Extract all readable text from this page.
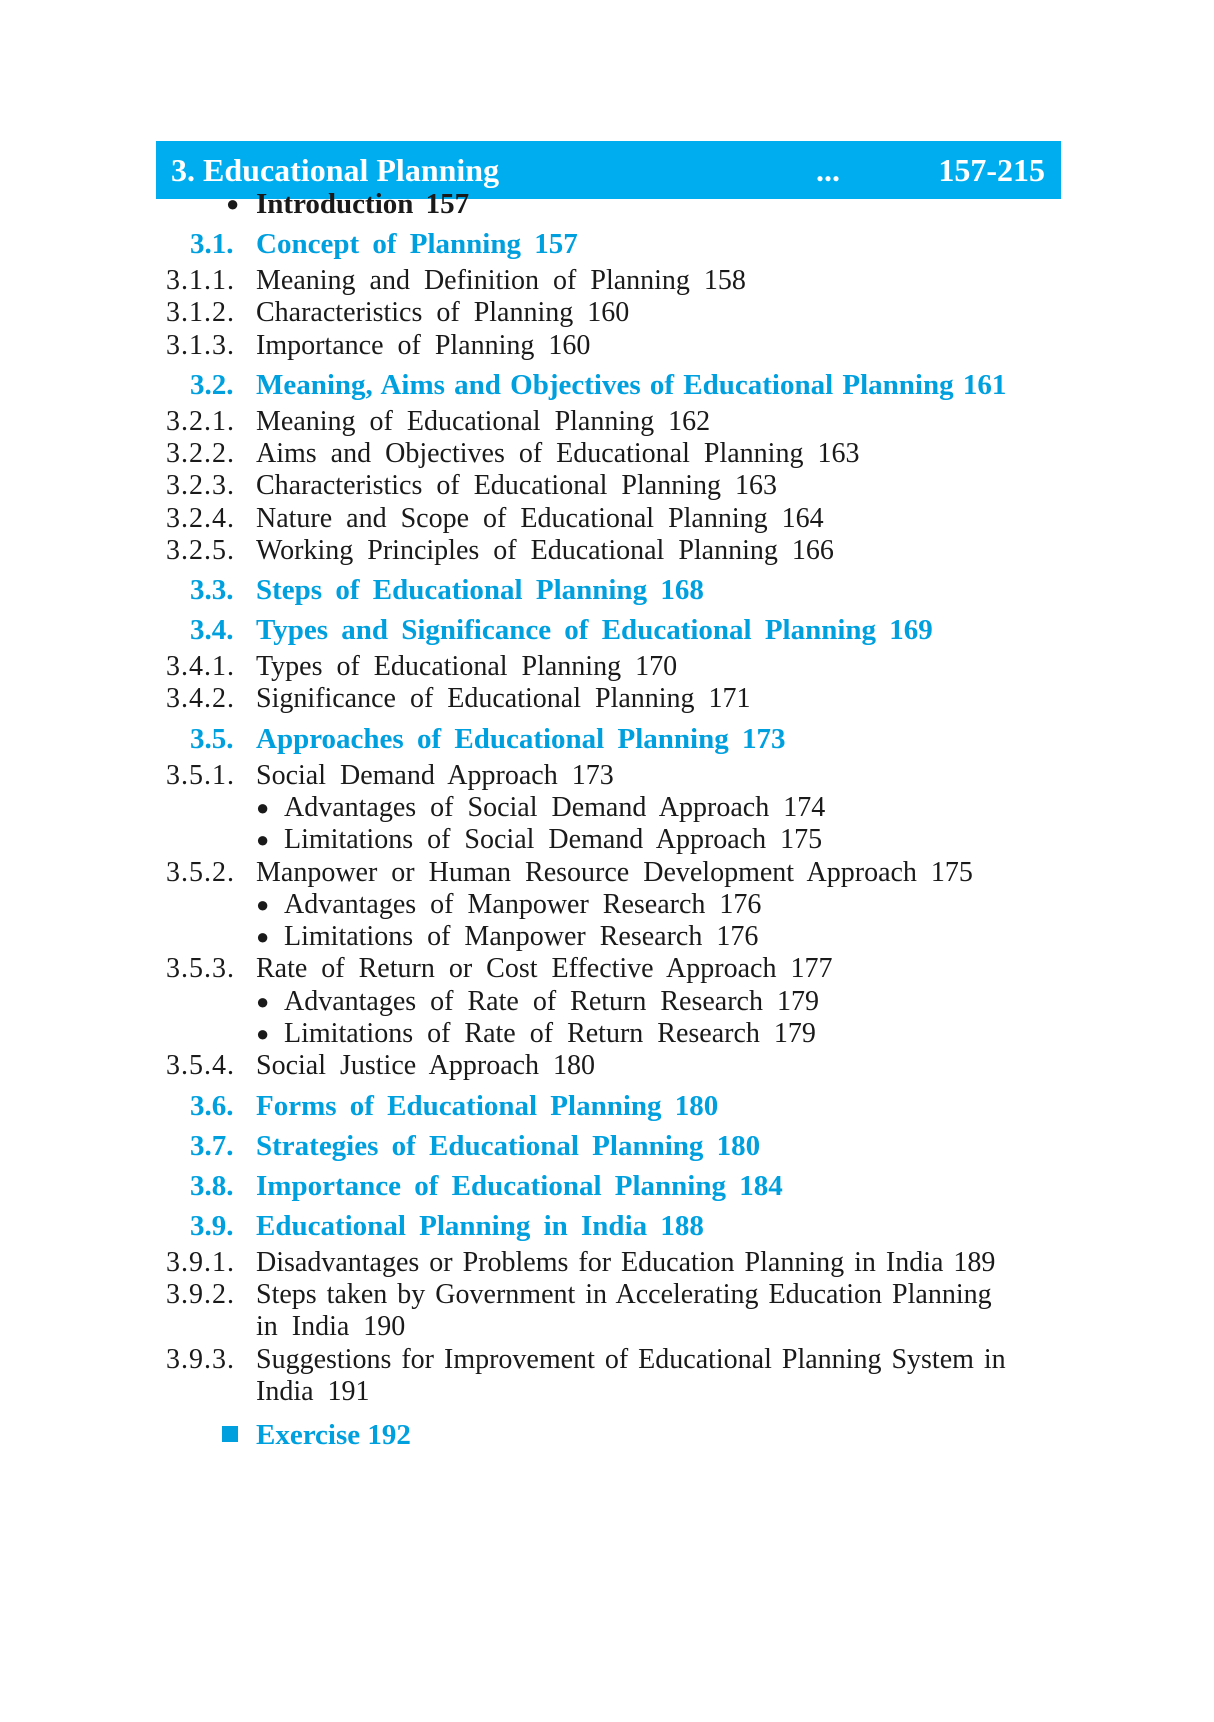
3. Educational Planning	...	157-215
● Introduction 157
3.1. Concept of Planning 157
3.1.1. Meaning and Definition of Planning 158
3.1.2. Characteristics of Planning 160
3.1.3. Importance of Planning 160
3.2. Meaning, Aims and Objectives of Educational Planning 161
3.2.1. Meaning of Educational Planning 162
3.2.2. Aims and Objectives of Educational Planning 163
3.2.3. Characteristics of Educational Planning 163
3.2.4. Nature and Scope of Educational Planning 164
3.2.5. Working Principles of Educational Planning 166
3.3. Steps of Educational Planning 168
3.4. Types and Significance of Educational Planning 169
3.4.1. Types of Educational Planning 170
3.4.2. Significance of Educational Planning 171
3.5. Approaches of Educational Planning 173
3.5.1. Social Demand Approach 173
● Advantages of Social Demand Approach 174
● Limitations of Social Demand Approach 175
3.5.2. Manpower or Human Resource Development Approach 175
● Advantages of Manpower Research 176
● Limitations of Manpower Research 176
3.5.3. Rate of Return or Cost Effective Approach 177
● Advantages of Rate of Return Research 179
● Limitations of Rate of Return Research 179
3.5.4. Social Justice Approach 180
3.6. Forms of Educational Planning 180
3.7. Strategies of Educational Planning 180
3.8. Importance of Educational Planning 184
3.9. Educational Planning in India 188
3.9.1. Disadvantages or Problems for Education Planning in India 189
3.9.2. Steps taken by Government in Accelerating Education Planning
in India 190
3.9.3. Suggestions for Improvement of Educational Planning System in
India 191
Exercise 192
